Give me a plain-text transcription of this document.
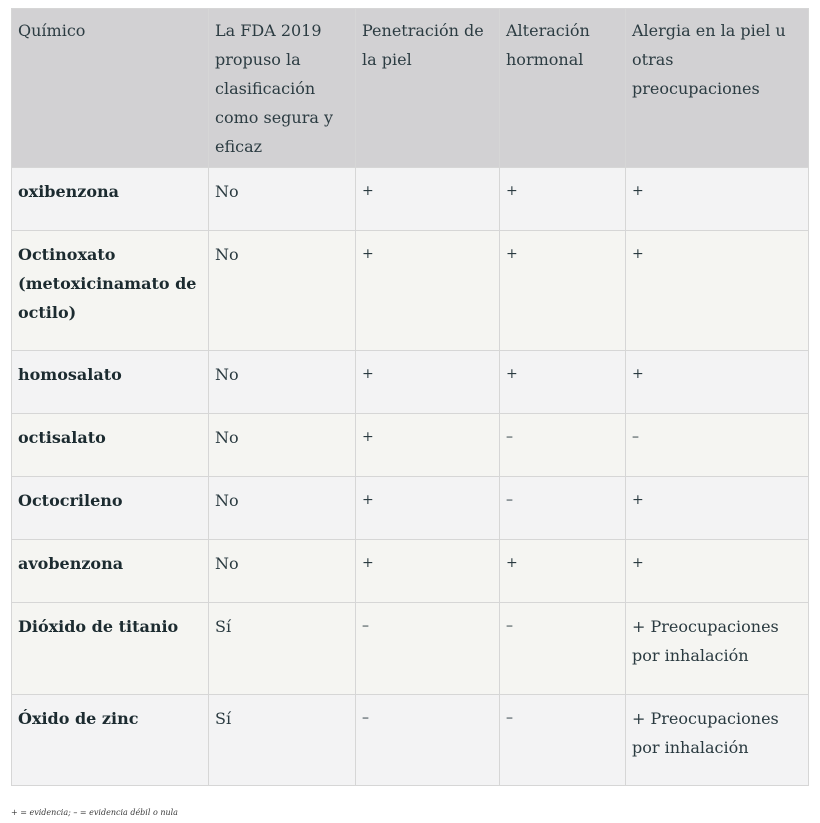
Químico	La FDA 2019 propuso la clasificación como segura y eficaz	Penetración de la piel	Alteración hormonal	Alergia en la piel u otras preocupaciones
oxibenzona	No	+	+	+
Octinoxato (metoxicinamato de octilo)	No	+	+	+
homosalato	No	+	+	+
octisalato	No	+	–	–
Octocrileno	No	+	–	+
avobenzona	No	+	+	+
Dióxido de titanio	Sí	–	–	+ Preocupaciones por inhalación
Óxido de zinc	Sí	–	–	+ Preocupaciones por inhalación
+ = evidencia; – = evidencia débil o nula
